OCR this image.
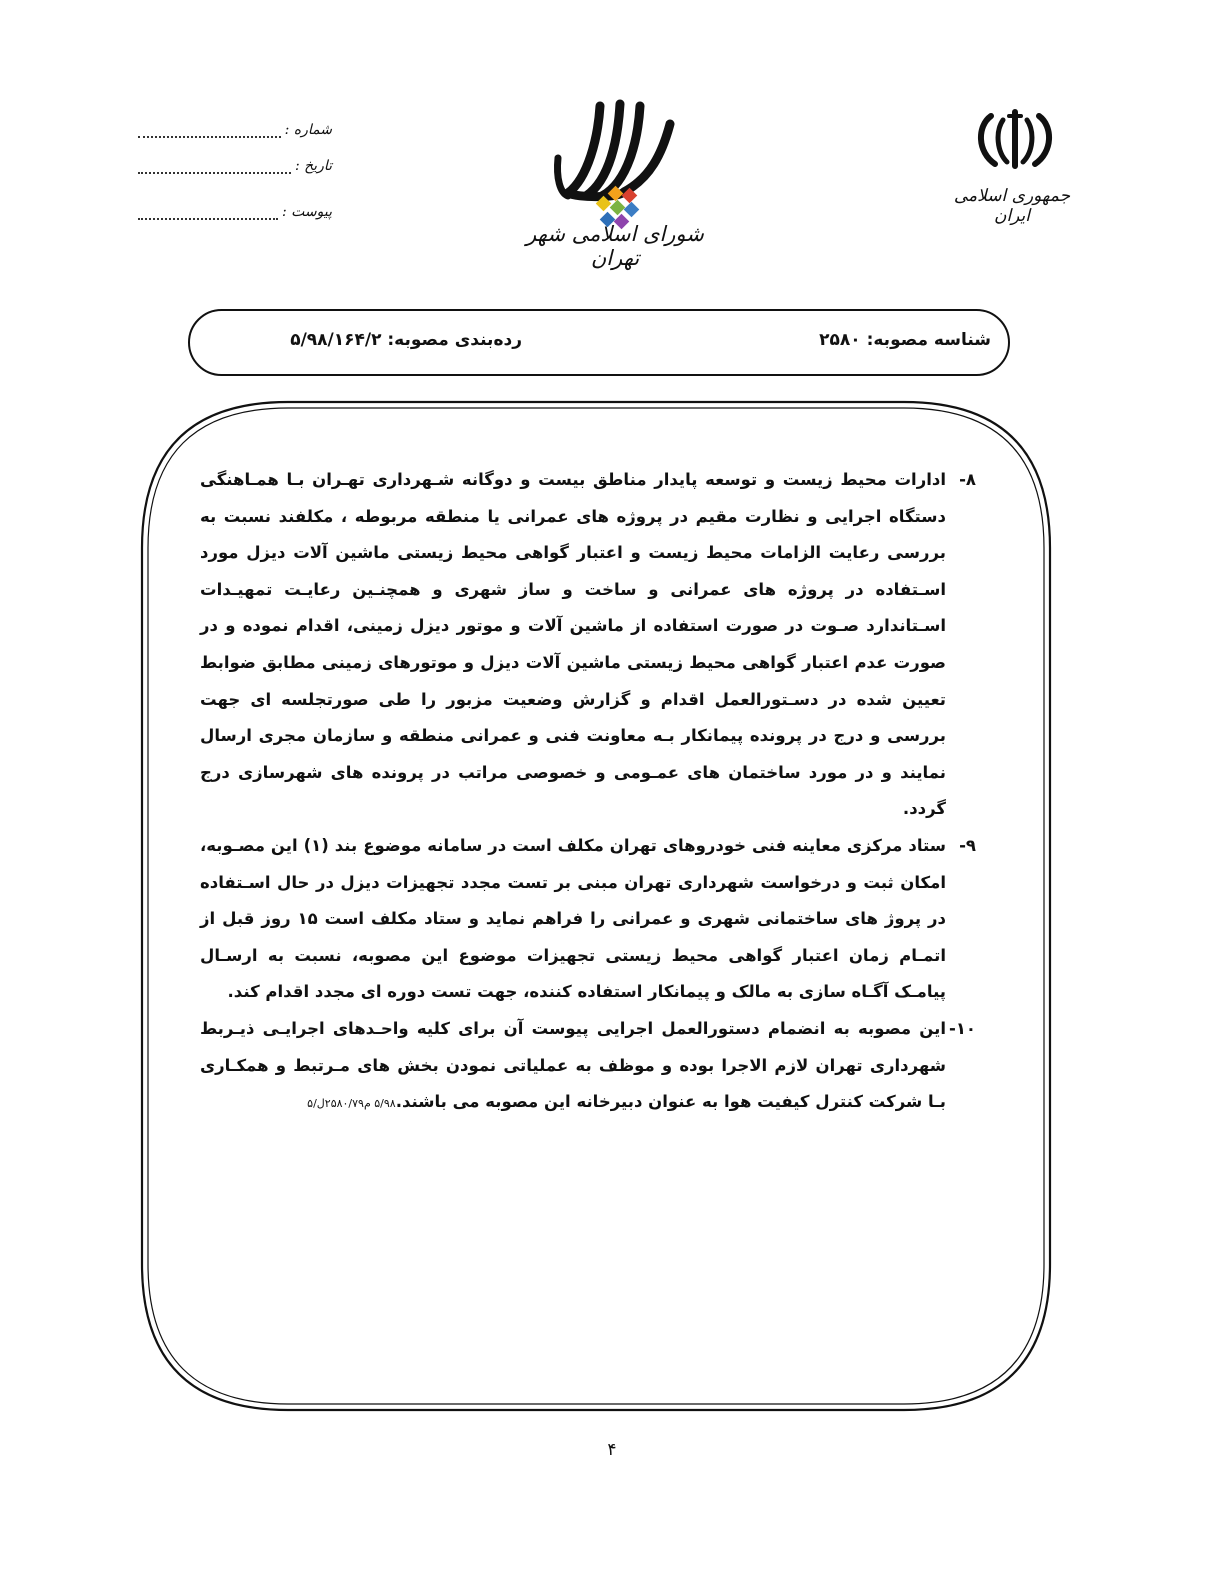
شماره :
تاریخ :
پیوست :
شورای اسلامی شهر تهران
جمهوری اسلامی ایران
شناسه مصوبه: ۲۵۸۰
رده‌بندی مصوبه: ۵/۹۸/۱۶۴/۲
۸-
ادارات محیط زیست و توسعه پایدار مناطق بیست و دوگانه شـهرداری تهـران بـا همـاهنگی دستگاه اجرایی و نظارت مقیم در پروژه های عمرانی یا منطقه مربوطه ، مکلفند نسبت به بررسی رعایت الزامات محیط زیست و اعتبار گواهی محیط زیستی ماشین آلات دیزل مورد اسـتفاده در پروژه های عمرانی و ساخت و ساز شهری و همچنـین رعایـت تمهیـدات اسـتاندارد صـوت در صورت استفاده از ماشین آلات و موتور دیزل زمینی، اقدام نموده و در صورت عدم اعتبار گواهی محیط زیستی ماشین آلات دیزل و موتورهای زمینی مطابق ضوابط تعیین شده در دسـتورالعمل اقدام و گزارش وضعیت مزبور را طی صورتجلسه ای جهت بررسی و درج در پرونده پیمانکار بـه معاونت فنی و عمرانی منطقه و سازمان مجری ارسال نمایند و در مورد ساختمان های عمـومی و خصوصی مراتب در پرونده های شهرسازی درج گردد.
۹-
ستاد مرکزی معاینه فنی خودروهای تهران مکلف است در سامانه موضوع بند (۱) این مصـوبه، امکان ثبت و درخواست شهرداری تهران مبنی بر تست مجدد تجهیزات دیزل در حال اسـتفاده در پروژ های ساختمانی شهری و عمرانی را فراهم نماید و ستاد مکلف است ۱۵ روز قبل از اتمـام زمان اعتبار گواهی محیط زیستی تجهیزات موضوع این مصوبه، نسبت به ارسـال پیامـک آگـاه سازی به مالک و پیمانکار استفاده کننده، جهت تست دوره ای مجدد اقدام کند.
۱۰-
این مصوبه به انضمام دستورالعمل اجرایی پیوست آن برای کلیه واحـدهای اجرایـی ذیـربط شهرداری تهران لازم الاجرا بوده و موظف به عملیاتی نمودن بخش های مـرتبط و همکـاری بـا شرکت کنترل کیفیت هوا به عنوان دبیرخانه این مصوبه می باشند.۵/۹۸ م۲۵۸۰/۷۹ل/۵
۴
